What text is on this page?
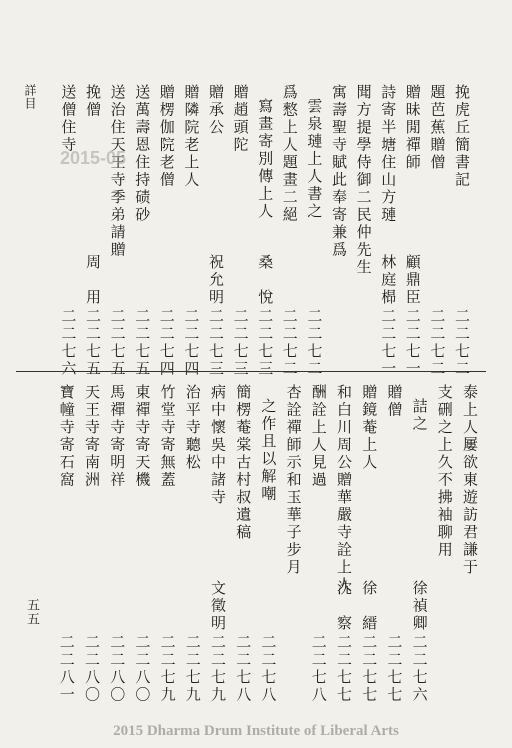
詳目
五五
挽虎丘簡書記
二二七二
題芭蕉贈僧
二二七二
贈昧閒禪師
顧鼎臣
二二七一
詩寄半塘住山方璉
林庭㭿
二二七一
聞方提學侍御二民仲先生
寓壽聖寺賦此奉寄兼爲
雲泉璉上人書之
二二七二
爲憗上人題畫二絕
二二七二
寫畫寄別傳上人
桑　悅
二二七三
贈趙頭陀
二二七三
贈承公
祝允明
二二七三
贈隣院老上人
二二七四
贈楞伽院老僧
二二七四
送萬壽恩住持碛砂
二二七五
送治住天王寺季弟請贈
二二七五
挽僧
周　用
二二七五
送僧住寺
二二七六
泰上人屢欲東遊訪君謙于
支硎之上久不拂袖聊用
詰之
徐禎卿
二二七六
贈僧
二二七七
贈鏡菴上人
徐　縉
二二七七
和白川周公贈華嚴寺詮上人
沈　察
二二七七
酬詮上人見過
二二七八
杏詮禪師示和玉華子步月
之作且以解嘲
二二七八
簡楞菴棠古村叔遺稿
二二七八
病中懷吳中諸寺
文徵明
二二七九
治平寺聽松
二二七九
竹堂寺寄無蓋
二二七九
東禪寺寄天機
二二八〇
馬禪寺寄明祥
二二八〇
天王寺寄南洲
二二八〇
寶幢寺寄石窩
二二八一
2015-05
2015 Dharma Drum Institute of Liberal Arts
